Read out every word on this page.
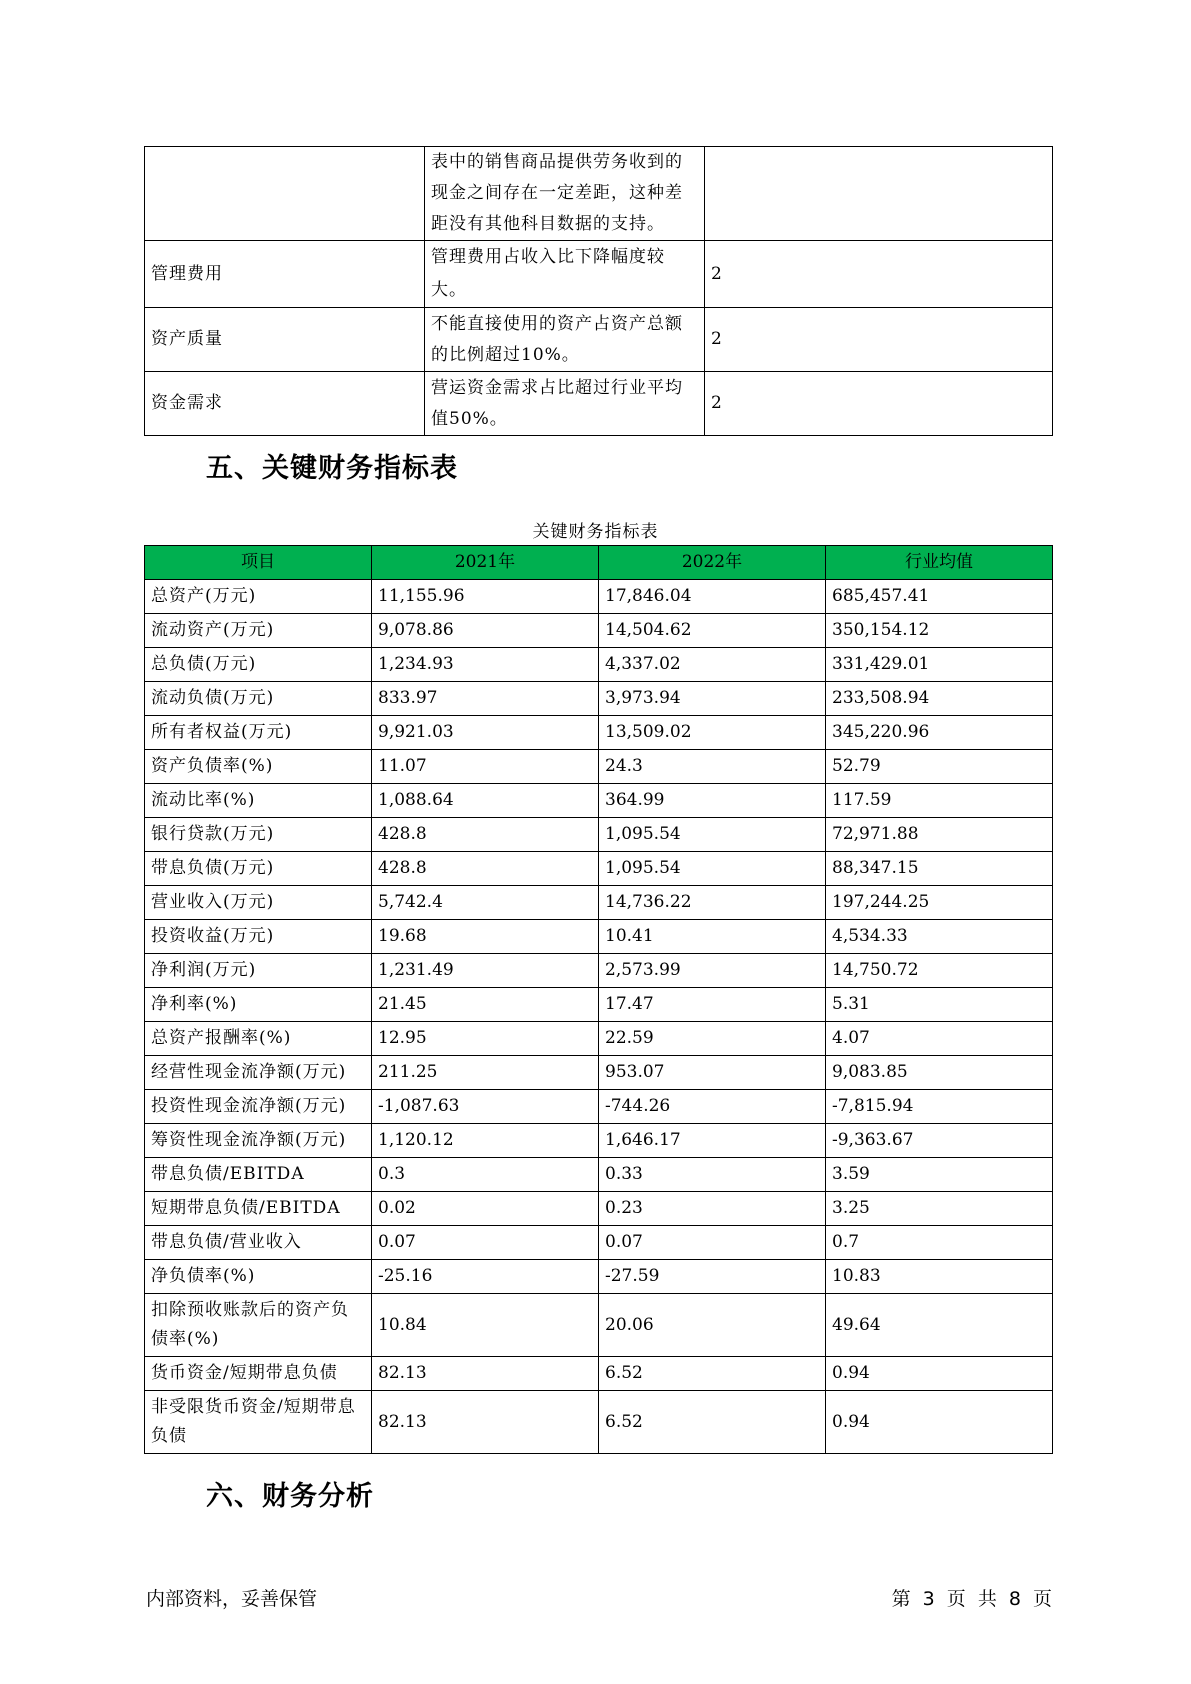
	表中的销售商品提供劳务收到的现金之间存在一定差距，这种差距没有其他科目数据的支持。	
管理费用	管理费用占收入比下降幅度较大。	2
资产质量	不能直接使用的资产占资产总额的比例超过10%。	2
资金需求	营运资金需求占比超过行业平均值50%。	2
五、关键财务指标表
关键财务指标表
项目	2021年	2022年	行业均值
总资产(万元)	11,155.96	17,846.04	685,457.41
流动资产(万元)	9,078.86	14,504.62	350,154.12
总负债(万元)	1,234.93	4,337.02	331,429.01
流动负债(万元)	833.97	3,973.94	233,508.94
所有者权益(万元)	9,921.03	13,509.02	345,220.96
资产负债率(%)	11.07	24.3	52.79
流动比率(%)	1,088.64	364.99	117.59
银行贷款(万元)	428.8	1,095.54	72,971.88
带息负债(万元)	428.8	1,095.54	88,347.15
营业收入(万元)	5,742.4	14,736.22	197,244.25
投资收益(万元)	19.68	10.41	4,534.33
净利润(万元)	1,231.49	2,573.99	14,750.72
净利率(%)	21.45	17.47	5.31
总资产报酬率(%)	12.95	22.59	4.07
经营性现金流净额(万元)	211.25	953.07	9,083.85
投资性现金流净额(万元)	-1,087.63	-744.26	-7,815.94
筹资性现金流净额(万元)	1,120.12	1,646.17	-9,363.67
带息负债/EBITDA	0.3	0.33	3.59
短期带息负债/EBITDA	0.02	0.23	3.25
带息负债/营业收入	0.07	0.07	0.7
净负债率(%)	-25.16	-27.59	10.83
扣除预收账款后的资产负债率(%)	10.84	20.06	49.64
货币资金/短期带息负债	82.13	6.52	0.94
非受限货币资金/短期带息负债	82.13	6.52	0.94
六、财务分析
内部资料，妥善保管	第 3 页 共 8 页
